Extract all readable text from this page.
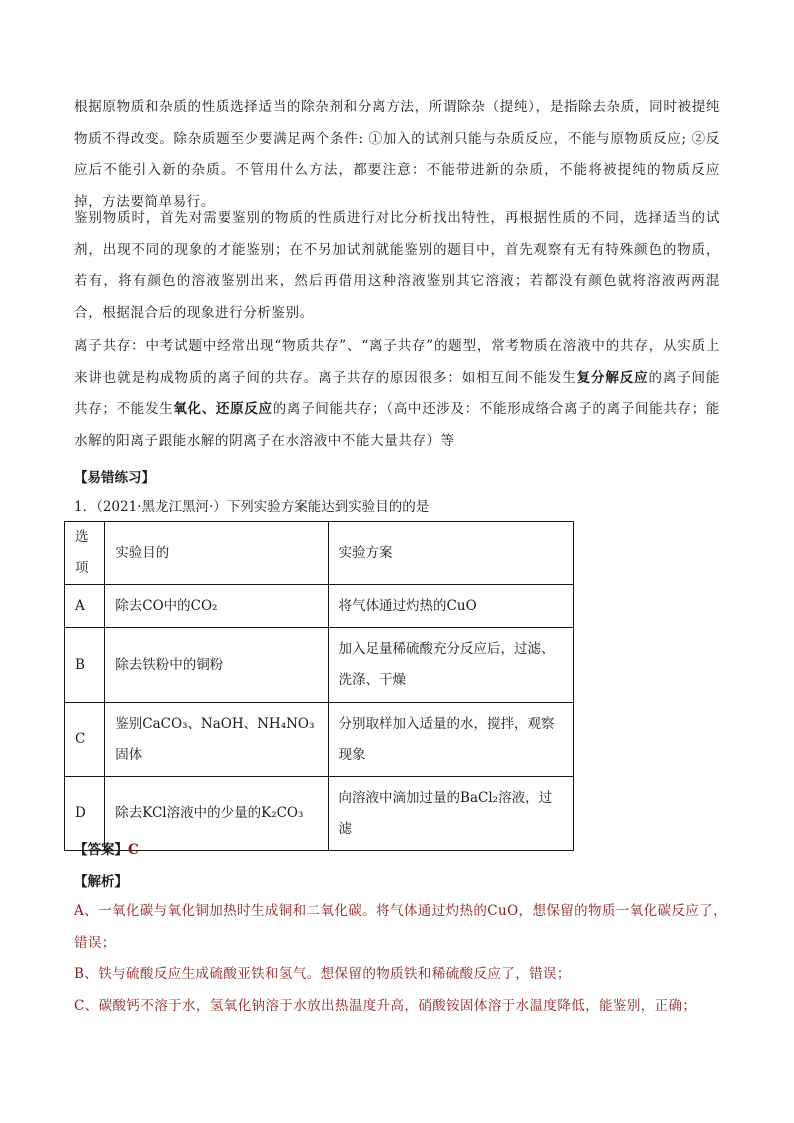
根据原物质和杂质的性质选择适当的除杂剂和分离方法，所谓除杂（提纯），是指除去杂质，同时被提纯物质不得改变。除杂质题至少要满足两个条件: ①加入的试剂只能与杂质反应，不能与原物质反应; ②反应后不能引入新的杂质。不管用什么方法，都要注意：不能带进新的杂质，不能将被提纯的物质反应掉，方法要简单易行。

鉴别物质时，首先对需要鉴别的物质的性质进行对比分析找出特性，再根据性质的不同，选择适当的试剂，出现不同的现象的才能鉴别；在不另加试剂就能鉴别的题目中，首先观察有无有特殊颜色的物质，若有，将有颜色的溶液鉴别出来，然后再借用这种溶液鉴别其它溶液；若都没有颜色就将溶液两两混合，根据混合后的现象进行分析鉴别。

离子共存：中考试题中经常出现“物质共存”、“离子共存”的题型，常考物质在溶液中的共存，从实质上来讲也就是构成物质的离子间的共存。离子共存的原因很多：如相互间不能发生复分解反应的离子间能共存；不能发生氧化、还原反应的离子间能共存；（高中还涉及：不能形成络合离子的离子间能共存；能水解的阳离子跟能水解的阴离子在水溶液中不能大量共存）等

【易错练习】

1．（2021·黑龙江黑河·）下列实验方案能达到实验目的的是

选项	实验目的	实验方案
A	除去CO中的CO₂	将气体通过灼热的CuO
B	除去铁粉中的铜粉	加入足量稀硫酸充分反应后，过滤、洗涤、干燥
C	鉴别CaCO₃、NaOH、NH₄NO₃固体	分别取样加入适量的水，搅拌，观察现象
D	除去KCl溶液中的少量的K₂CO₃	向溶液中滴加过量的BaCl₂溶液，过滤

【答案】C

【解析】

A、一氧化碳与氧化铜加热时生成铜和二氧化碳。将气体通过灼热的CuO，想保留的物质一氧化碳反应了，错误；

B、铁与硫酸反应生成硫酸亚铁和氢气。想保留的物质铁和稀硫酸反应了，错误；

C、碳酸钙不溶于水，氢氧化钠溶于水放出热温度升高，硝酸铵固体溶于水温度降低，能鉴别，正确；
